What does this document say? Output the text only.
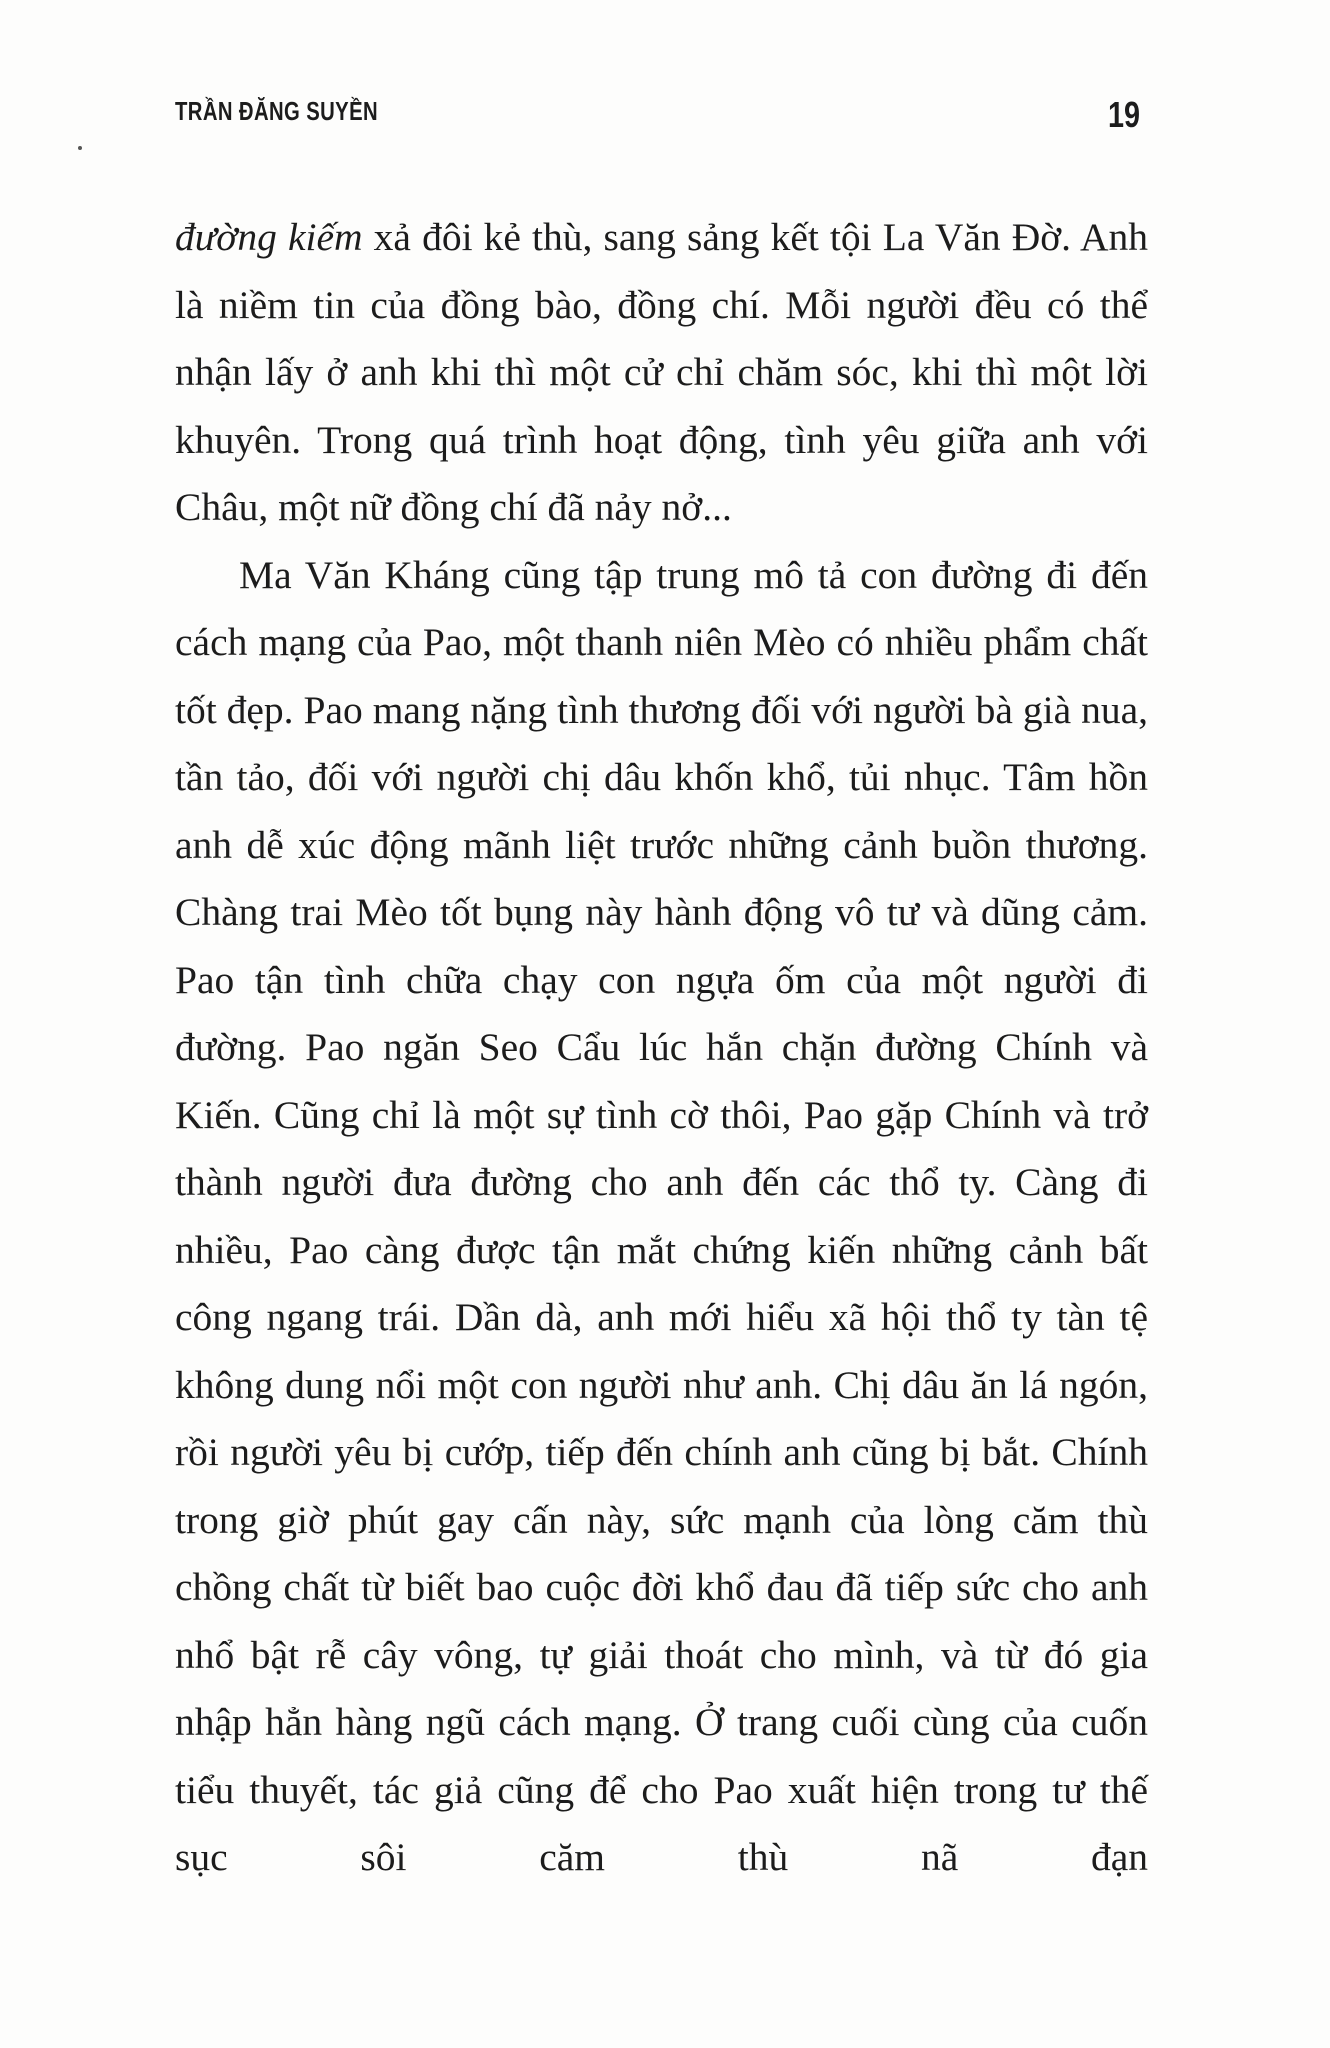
TRẦN ĐĂNG SUYỀN	19

đường kiếm xả đôi kẻ thù, sang sảng kết tội La Văn Đờ. Anh là niềm tin của đồng bào, đồng chí. Mỗi người đều có thể nhận lấy ở anh khi thì một cử chỉ chăm sóc, khi thì một lời khuyên. Trong quá trình hoạt động, tình yêu giữa anh với Châu, một nữ đồng chí đã nảy nở...

Ma Văn Kháng cũng tập trung mô tả con đường đi đến cách mạng của Pao, một thanh niên Mèo có nhiều phẩm chất tốt đẹp. Pao mang nặng tình thương đối với người bà già nua, tần tảo, đối với người chị dâu khốn khổ, tủi nhục. Tâm hồn anh dễ xúc động mãnh liệt trước những cảnh buồn thương. Chàng trai Mèo tốt bụng này hành động vô tư và dũng cảm. Pao tận tình chữa chạy con ngựa ốm của một người đi đường. Pao ngăn Seo Cẩu lúc hắn chặn đường Chính và Kiến. Cũng chỉ là một sự tình cờ thôi, Pao gặp Chính và trở thành người đưa đường cho anh đến các thổ ty. Càng đi nhiều, Pao càng được tận mắt chứng kiến những cảnh bất công ngang trái. Dần dà, anh mới hiểu xã hội thổ ty tàn tệ không dung nổi một con người như anh. Chị dâu ăn lá ngón, rồi người yêu bị cướp, tiếp đến chính anh cũng bị bắt. Chính trong giờ phút gay cấn này, sức mạnh của lòng căm thù chồng chất từ biết bao cuộc đời khổ đau đã tiếp sức cho anh nhổ bật rễ cây vông, tự giải thoát cho mình, và từ đó gia nhập hẳn hàng ngũ cách mạng. Ở trang cuối cùng của cuốn tiểu thuyết, tác giả cũng để cho Pao xuất hiện trong tư thế sục sôi căm thù nã đạn
